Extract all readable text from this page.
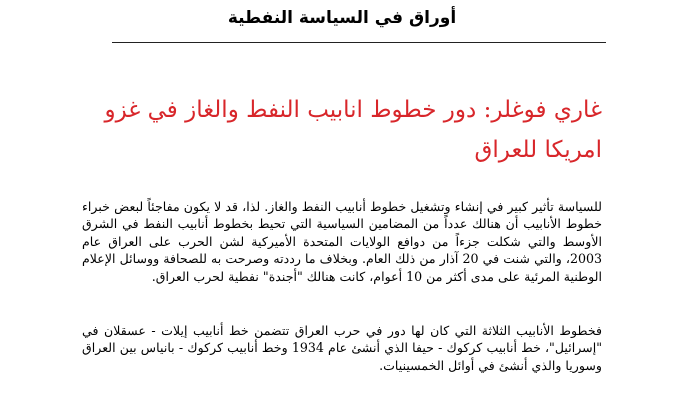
أوراق في السياسة النفطية
غاري فوغلر: دور خطوط انابيب النفط والغاز في غزو امريكا للعراق

للسياسة تأثير كبير في إنشاء وتشغيل خطوط أنابيب النفط والغاز. لذا، قد لا يكون مفاجئاً لبعض خبراء خطوط الأنابيب أن هنالك عدداً من المضامين السياسية التي تحيط بخطوط أنابيب النفط في الشرق الأوسط والتي شكلت جزءاً من دوافع الولايات المتحدة الأميركية لشن الحرب على العراق عام 2003، والتي شنت في 20 آذار من ذلك العام. وبخلاف ما رددته وصرحت به للصحافة ووسائل الإعلام الوطنية المرئية على مدى أكثر من 10 أعوام، كانت هنالك "أجندة" نفطية لحرب العراق.

فخطوط الأنابيب الثلاثة التي كان لها دور في حرب العراق تتضمن خط أنابيب إيلات - عسقلان في "إسرائيل"، خط أنابيب كركوك - حيفا الذي أنشئ عام 1934 وخط أنابيب كركوك - بانياس بين العراق وسوريا والذي أنشئ في أوائل الخمسينيات.
